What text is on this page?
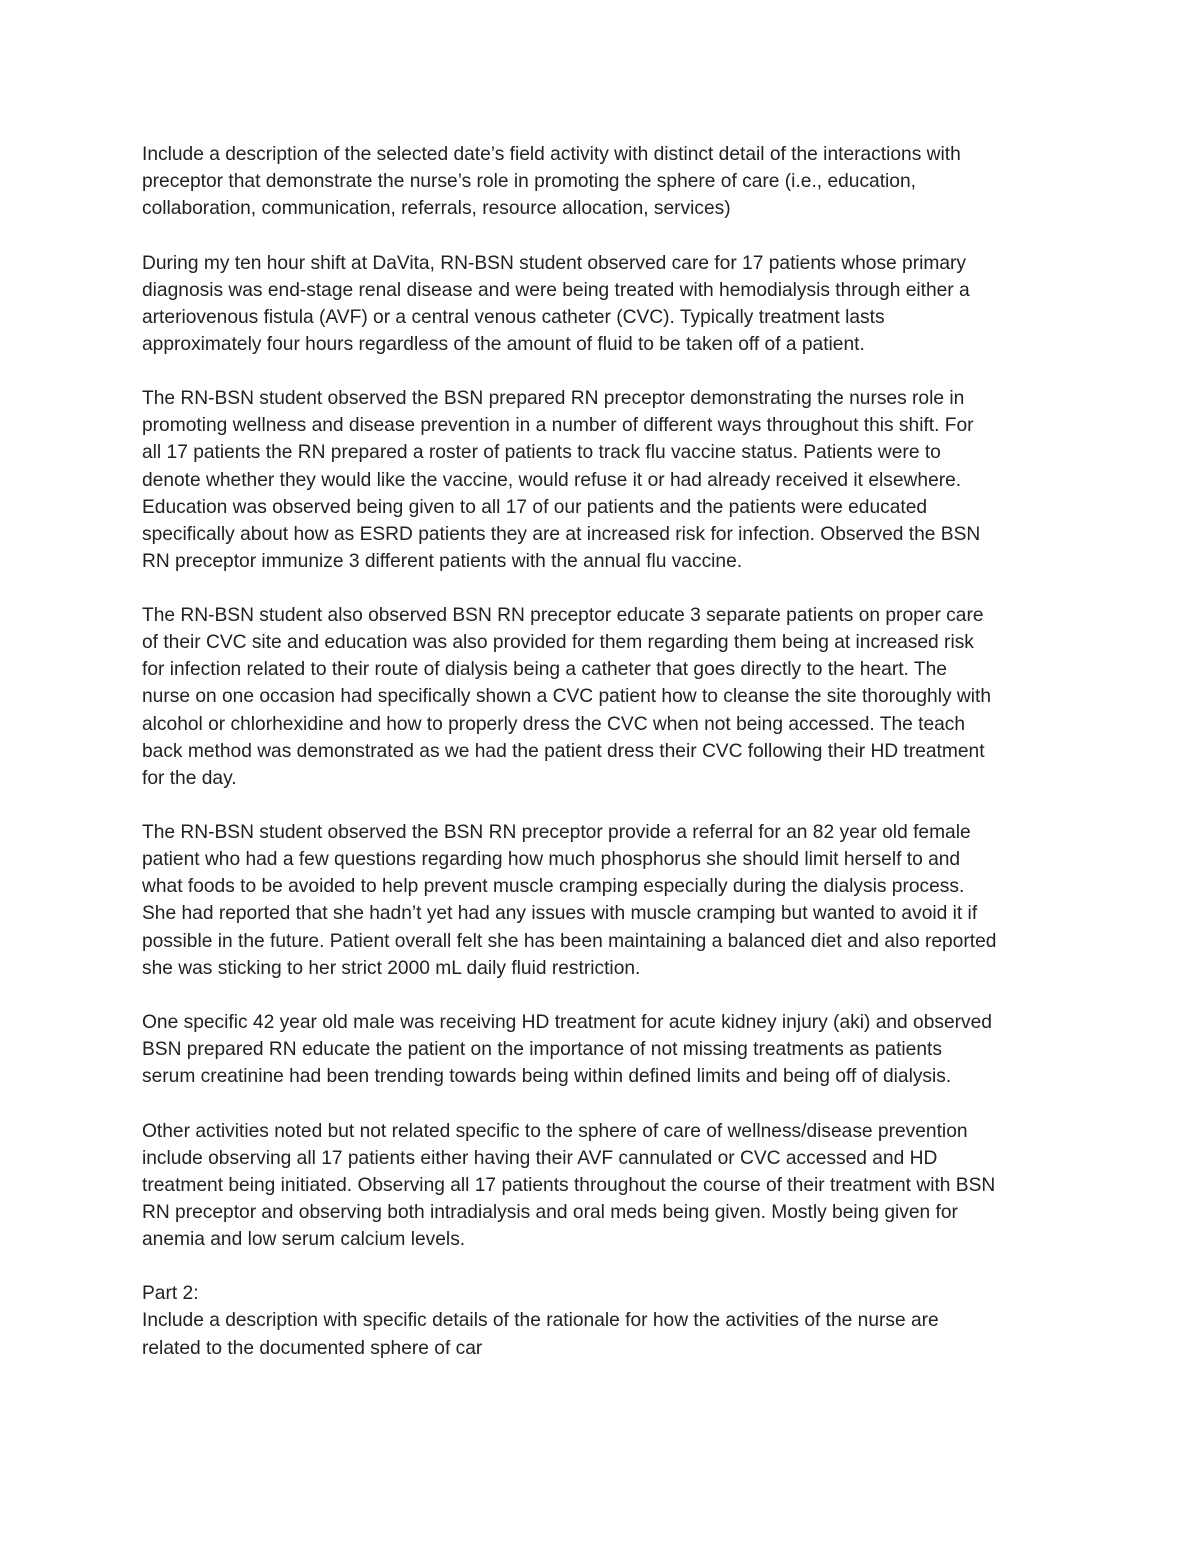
Include a description of the selected date’s field activity with distinct detail of the interactions with
preceptor that demonstrate the nurse’s role in promoting the sphere of care (i.e., education,
collaboration, communication, referrals, resource allocation, services)

During my ten hour shift at DaVita, RN-BSN student observed care for 17 patients whose primary
diagnosis was end-stage renal disease and were being treated with hemodialysis through either a
arteriovenous fistula (AVF) or a central venous catheter (CVC). Typically treatment lasts
approximately four hours regardless of the amount of fluid to be taken off of a patient.

The RN-BSN student observed the BSN prepared RN preceptor demonstrating the nurses role in
promoting wellness and disease prevention in a number of different ways throughout this shift. For
all 17 patients the RN prepared a roster of patients to track flu vaccine status. Patients were to
denote whether they would like the vaccine, would refuse it or had already received it elsewhere.
Education was observed being given to all 17 of our patients and the patients were educated
specifically about how as ESRD patients they are at increased risk for infection. Observed the BSN
RN preceptor immunize 3 different patients with the annual flu vaccine.

The RN-BSN student also observed BSN RN preceptor educate 3 separate patients on proper care
of their CVC site and education was also provided for them regarding them being at increased risk
for infection related to their route of dialysis being a catheter that goes directly to the heart. The
nurse on one occasion had specifically shown a CVC patient how to cleanse the site thoroughly with
alcohol or chlorhexidine and how to properly dress the CVC when not being accessed. The teach
back method was demonstrated as we had the patient dress their CVC following their HD treatment
for the day.

The RN-BSN student observed the BSN RN preceptor provide a referral for an 82 year old female
patient who had a few questions regarding how much phosphorus she should limit herself to and
what foods to be avoided to help prevent muscle cramping especially during the dialysis process.
She had reported that she hadn’t yet had any issues with muscle cramping but wanted to avoid it if
possible in the future. Patient overall felt she has been maintaining a balanced diet and also reported
she was sticking to her strict 2000 mL daily fluid restriction.

One specific 42 year old male was receiving HD treatment for acute kidney injury (aki) and observed
BSN prepared RN educate the patient on the importance of not missing treatments as patients
serum creatinine had been trending towards being within defined limits and being off of dialysis.

Other activities noted but not related specific to the sphere of care of wellness/disease prevention
include observing all 17 patients either having their AVF cannulated or CVC accessed and HD
treatment being initiated. Observing all 17 patients throughout the course of their treatment with BSN
RN preceptor and observing both intradialysis and oral meds being given. Mostly being given for
anemia and low serum calcium levels.

Part 2:
Include a description with specific details of the rationale for how the activities of the nurse are
related to the documented sphere of car
